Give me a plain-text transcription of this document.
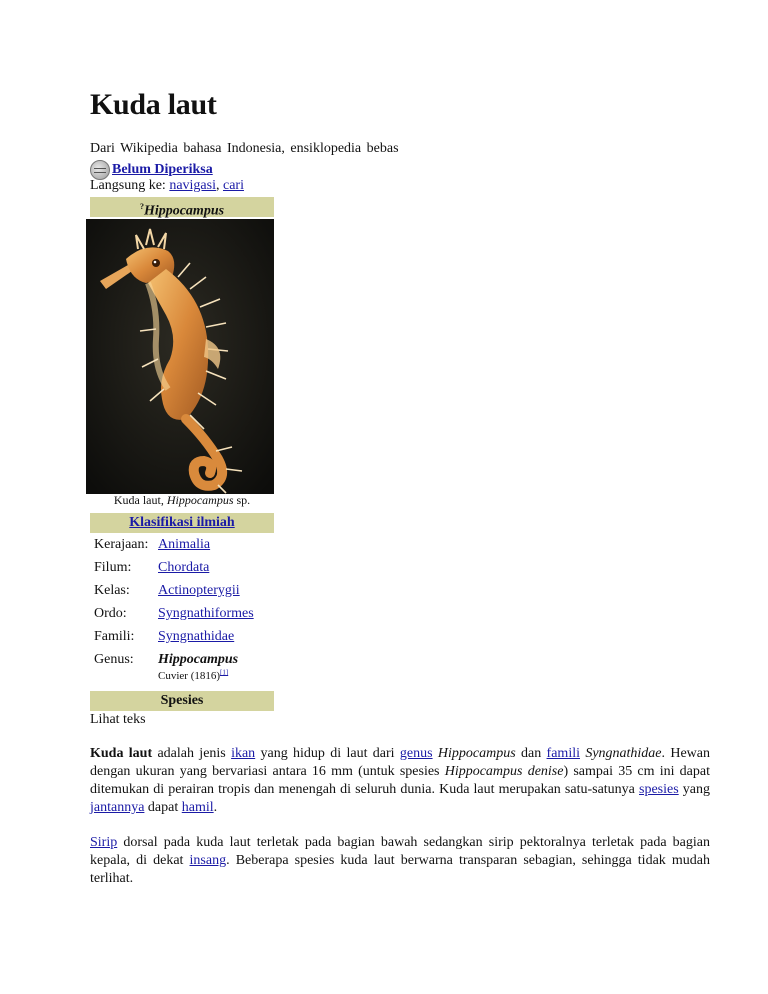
Kuda laut
Dari Wikipedia bahasa Indonesia, ensiklopedia bebas
Belum Diperiksa
Langsung ke: navigasi, cari
?Hippocampus
Kuda laut, Hippocampus sp.
Klasifikasi ilmiah
Kerajaan:	Animalia
Filum:	Chordata
Kelas:	Actinopterygii
Ordo:	Syngnathiformes
Famili:	Syngnathidae
Genus:	Hippocampus
Cuvier (1816)[1]
Spesies
Lihat teks
Kuda laut adalah jenis ikan yang hidup di laut dari genus Hippocampus dan famili Syngnathidae. Hewan dengan ukuran yang bervariasi antara 16 mm (untuk spesies Hippocampus denise) sampai 35 cm ini dapat ditemukan di perairan tropis dan menengah di seluruh dunia. Kuda laut merupakan satu-satunya spesies yang jantannya dapat hamil.
Sirip dorsal pada kuda laut terletak pada bagian bawah sedangkan sirip pektoralnya terletak pada bagian kepala, di dekat insang. Beberapa spesies kuda laut berwarna transparan sebagian, sehingga tidak mudah terlihat.
